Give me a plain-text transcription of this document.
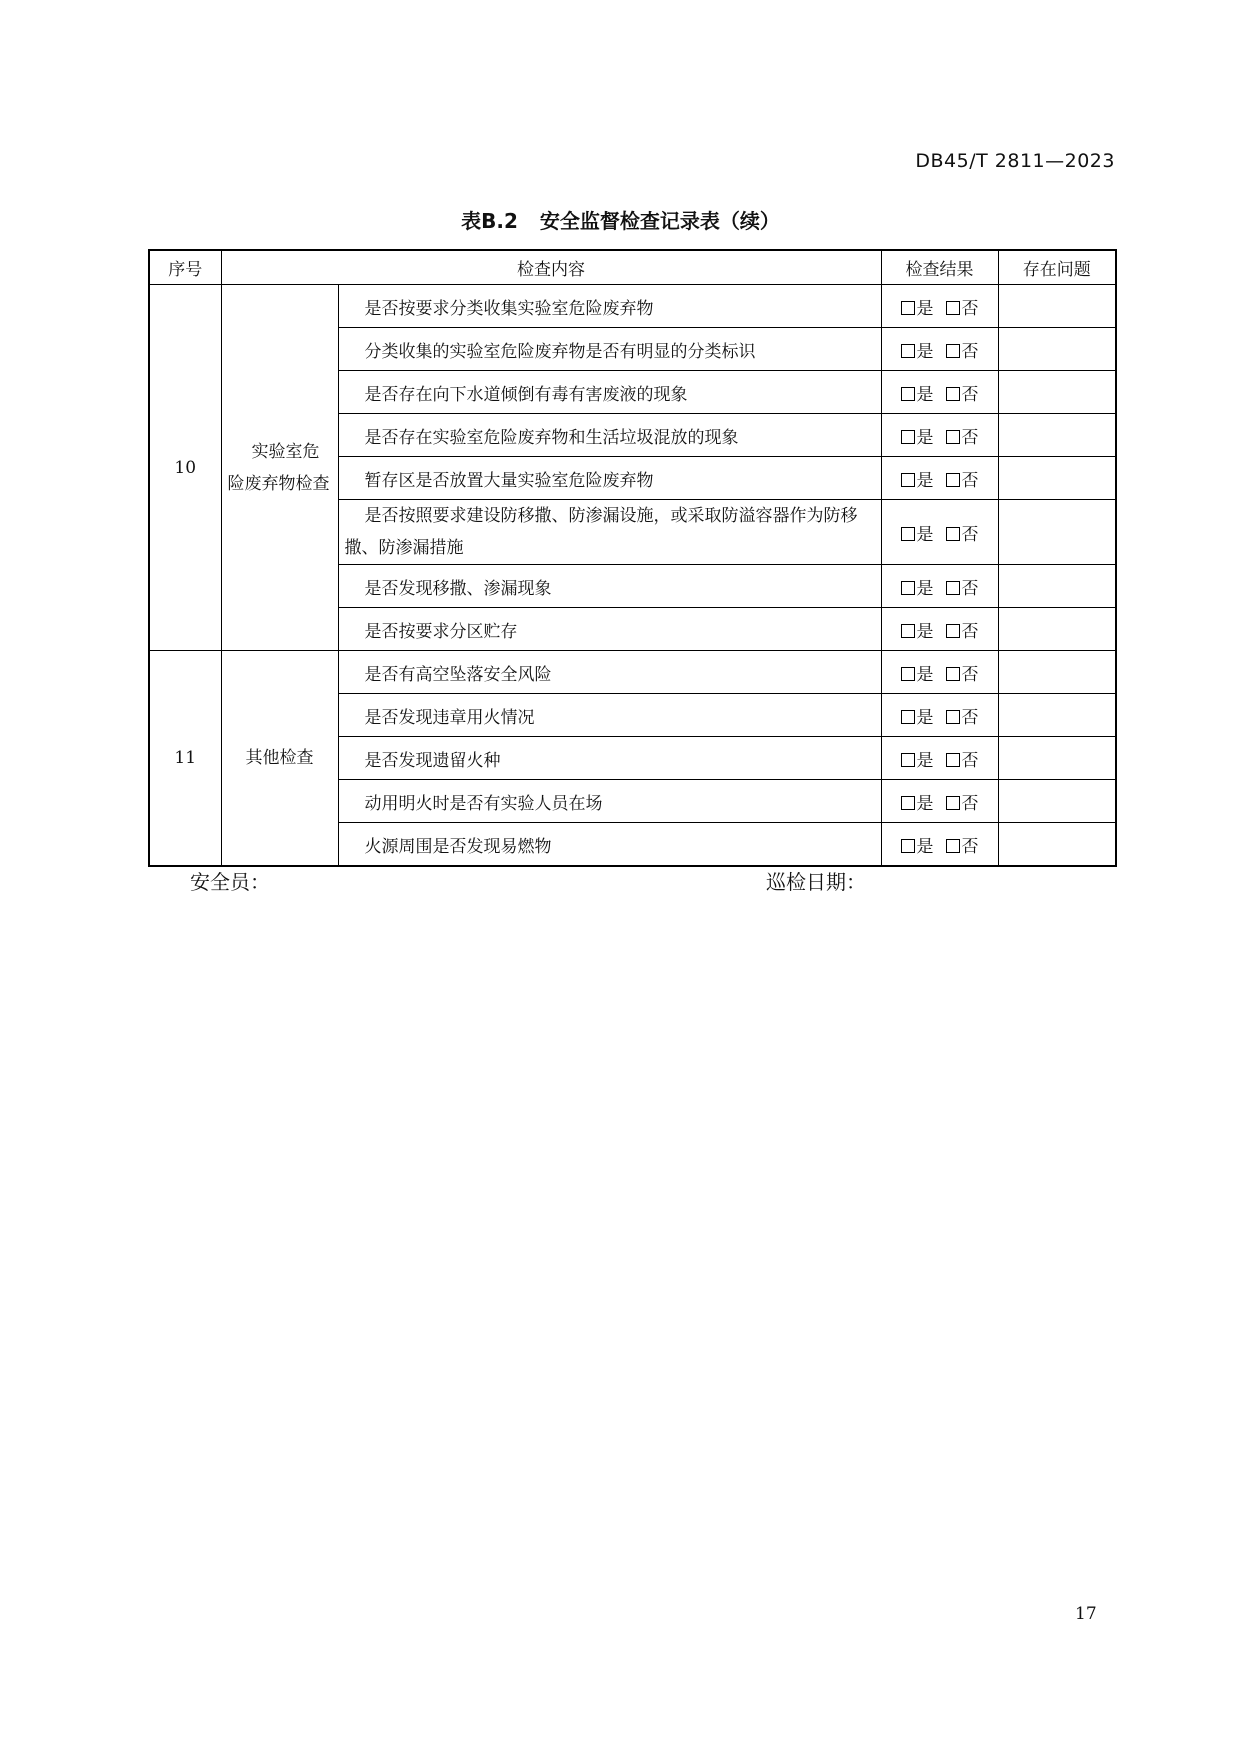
DB45/T 2811—2023
表B.2 安全监督检查记录表（续）
序号	检查内容		检查结果	存在问题
10	实验室危险废弃物检查	是否按要求分类收集实验室危险废弃物	是 否	
		分类收集的实验室危险废弃物是否有明显的分类标识	是 否	
		是否存在向下水道倾倒有毒有害废液的现象	是 否	
		是否存在实验室危险废弃物和生活垃圾混放的现象	是 否	
		暂存区是否放置大量实验室危险废弃物	是 否	
		是否按照要求建设防移撒、防渗漏设施，或采取防溢容器作为防移撒、防渗漏措施	是 否	
		是否发现移撒、渗漏现象	是 否	
		是否按要求分区贮存	是 否	
11	其他检查	是否有高空坠落安全风险	是 否	
		是否发现违章用火情况	是 否	
		是否发现遗留火种	是 否	
		动用明火时是否有实验人员在场	是 否	
		火源周围是否发现易燃物	是 否	
安全员：	巡检日期：
17
